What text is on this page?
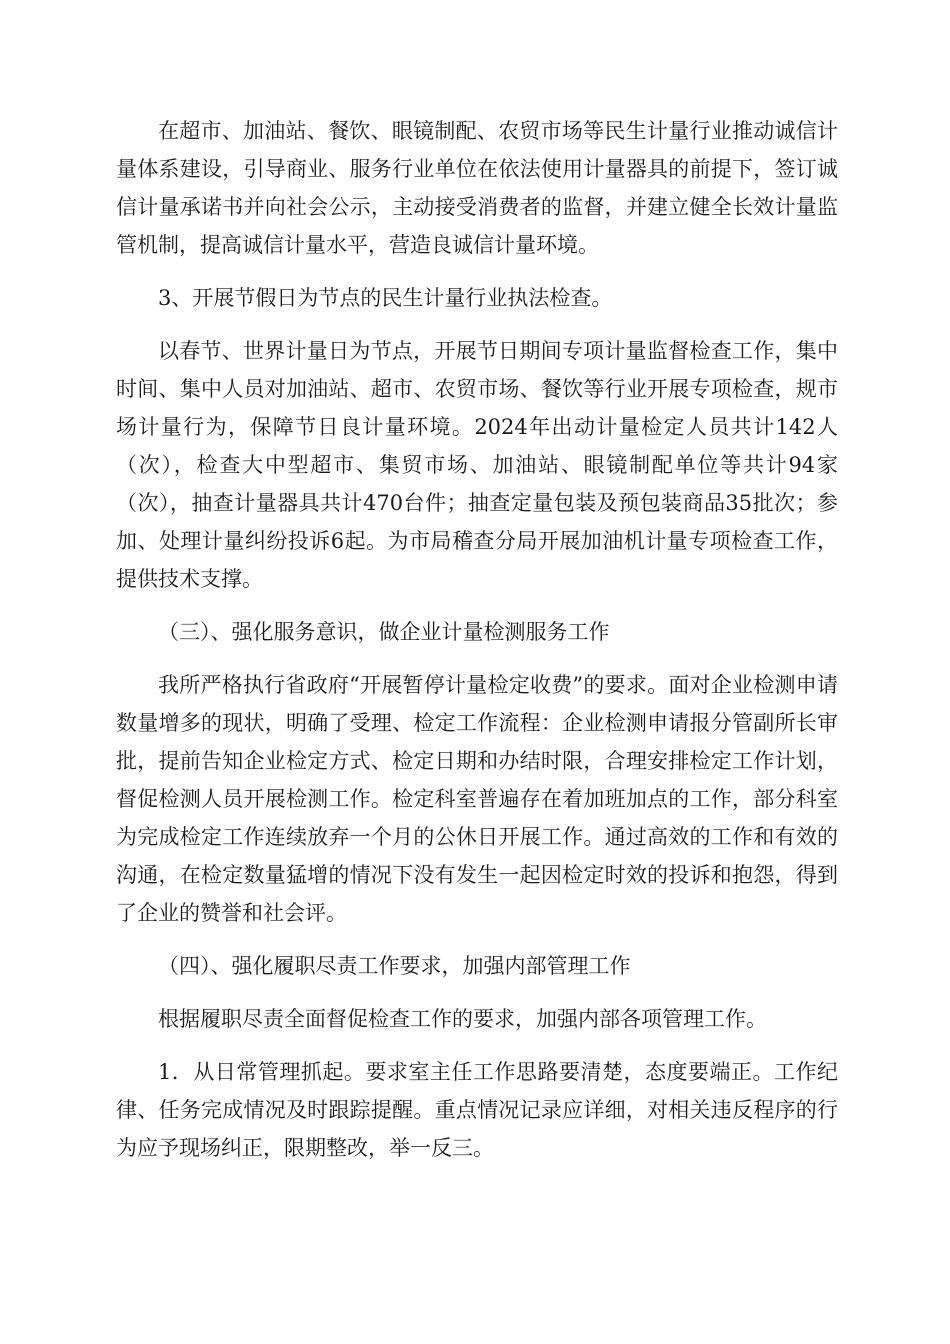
在超市、加油站、餐饮、眼镜制配、农贸市场等民生计量行业推动诚信计量体系建设，引导商业、服务行业单位在依法使用计量器具的前提下，签订诚信计量承诺书并向社会公示，主动接受消费者的监督，并建立健全长效计量监管机制，提高诚信计量水平，营造良诚信计量环境。

3、开展节假日为节点的民生计量行业执法检查。

以春节、世界计量日为节点，开展节日期间专项计量监督检查工作，集中时间、集中人员对加油站、超市、农贸市场、餐饮等行业开展专项检查，规市场计量行为，保障节日良计量环境。2024年出动计量检定人员共计142人（次），检查大中型超市、集贸市场、加油站、眼镜制配单位等共计94家（次），抽查计量器具共计470台件；抽查定量包装及预包装商品35批次；参加、处理计量纠纷投诉6起。为市局稽查分局开展加油机计量专项检查工作，提供技术支撑。

（三）、强化服务意识，做企业计量检测服务工作

我所严格执行省政府“开展暂停计量检定收费”的要求。面对企业检测申请数量增多的现状，明确了受理、检定工作流程：企业检测申请报分管副所长审批，提前告知企业检定方式、检定日期和办结时限，合理安排检定工作计划，督促检测人员开展检测工作。检定科室普遍存在着加班加点的工作，部分科室为完成检定工作连续放弃一个月的公休日开展工作。通过高效的工作和有效的沟通，在检定数量猛增的情况下没有发生一起因检定时效的投诉和抱怨，得到了企业的赞誉和社会评。

（四）、强化履职尽责工作要求，加强内部管理工作

根据履职尽责全面督促检查工作的要求，加强内部各项管理工作。

1．从日常管理抓起。要求室主任工作思路要清楚，态度要端正。工作纪律、任务完成情况及时跟踪提醒。重点情况记录应详细，对相关违反程序的行为应予现场纠正，限期整改，举一反三。
